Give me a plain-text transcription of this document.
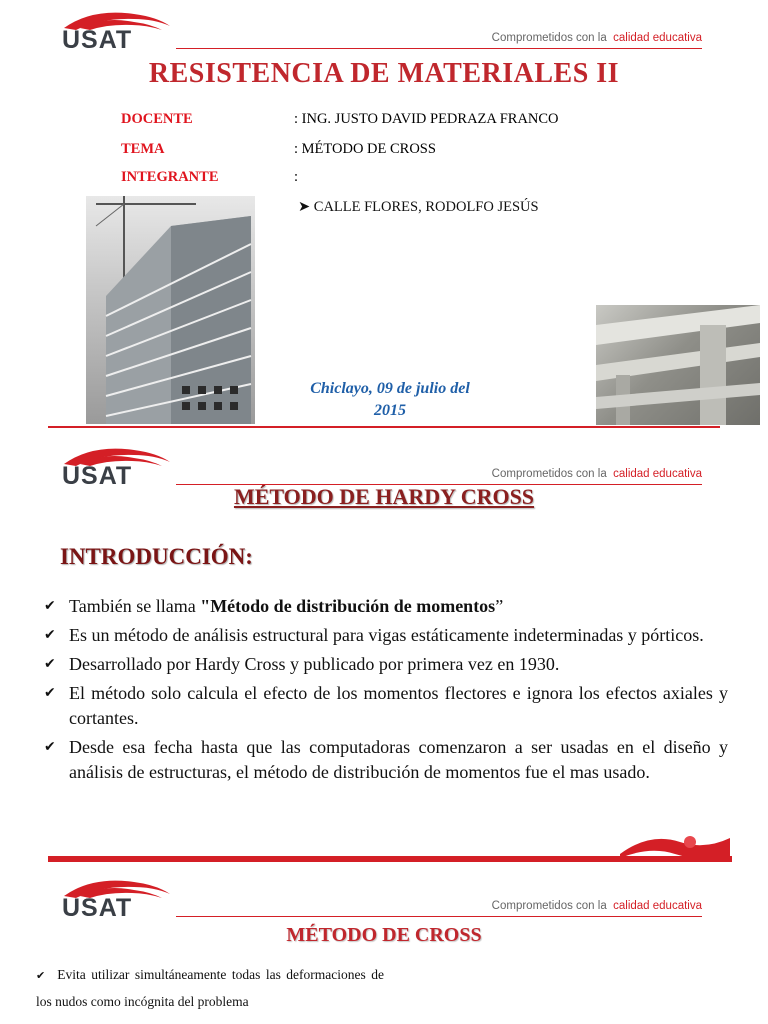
USAT	Comprometidos con la calidad educativa
RESISTENCIA DE MATERIALES II
DOCENTE	: ING. JUSTO DAVID PEDRAZA FRANCO
TEMA	: MÉTODO DE CROSS
INTEGRANTE	:
➤ CALLE FLORES, RODOLFO JESÚS
Chiclayo, 09 de julio del
2015
USAT	Comprometidos con la calidad educativa
MÉTODO DE HARDY CROSS
INTRODUCCIÓN:
✔ También se llama "Método de distribución de momentos”
✔ Es un método de análisis estructural para vigas estáticamente indeterminadas y pórticos.
✔ Desarrollado por Hardy Cross y publicado por primera vez en 1930.
✔ El método solo calcula el efecto de los momentos flectores e ignora los efectos axiales y cortantes.
✔ Desde esa fecha hasta que las computadoras comenzaron a ser usadas en el diseño y análisis de estructuras, el método de distribución de momentos fue el mas usado.
USAT	Comprometidos con la calidad educativa
MÉTODO DE CROSS
✔ Evita utilizar simultáneamente todas las deformaciones de los nudos como incógnita del problema
